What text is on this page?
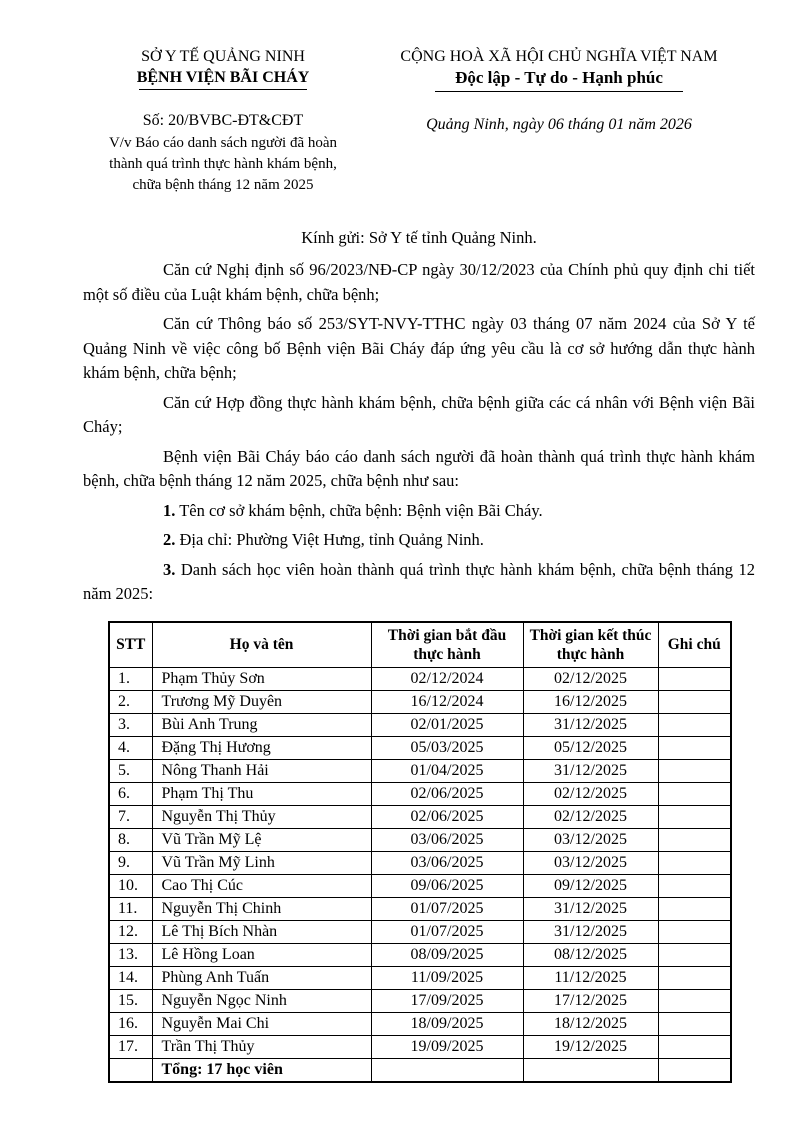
SỞ Y TẾ QUẢNG NINH
BỆNH VIỆN BÃI CHÁY
Số: 20/BVBC-ĐT&CĐT
V/v Báo cáo danh sách người đã hoàn
thành quá trình thực hành khám bệnh,
chữa bệnh tháng 12 năm 2025
CỘNG HOÀ XÃ HỘI CHỦ NGHĨA VIỆT NAM
Độc lập - Tự do - Hạnh phúc
Quảng Ninh, ngày 06 tháng 01 năm 2026
Kính gửi: Sở Y tế tỉnh Quảng Ninh.

Căn cứ Nghị định số 96/2023/NĐ-CP ngày 30/12/2023 của Chính phủ quy định chi tiết một số điều của Luật khám bệnh, chữa bệnh;

Căn cứ Thông báo số 253/SYT-NVY-TTHC ngày 03 tháng 07 năm 2024 của Sở Y tế Quảng Ninh về việc công bố Bệnh viện Bãi Cháy đáp ứng yêu cầu là cơ sở hướng dẫn thực hành khám bệnh, chữa bệnh;

Căn cứ Hợp đồng thực hành khám bệnh, chữa bệnh giữa các cá nhân với Bệnh viện Bãi Cháy;

Bệnh viện Bãi Cháy báo cáo danh sách người đã hoàn thành quá trình thực hành khám bệnh, chữa bệnh tháng 12 năm 2025, chữa bệnh như sau:

1. Tên cơ sở khám bệnh, chữa bệnh: Bệnh viện Bãi Cháy.

2. Địa chỉ: Phường Việt Hưng, tỉnh Quảng Ninh.

3. Danh sách học viên hoàn thành quá trình thực hành khám bệnh, chữa bệnh tháng 12 năm 2025:

STT	Họ và tên	Thời gian bắt đầu thực hành	Thời gian kết thúc thực hành	Ghi chú
1.	Phạm Thủy Sơn	02/12/2024	02/12/2025	
2.	Trương Mỹ Duyên	16/12/2024	16/12/2025	
3.	Bùi Anh Trung	02/01/2025	31/12/2025	
4.	Đặng Thị Hương	05/03/2025	05/12/2025	
5.	Nông Thanh Hải	01/04/2025	31/12/2025	
6.	Phạm Thị Thu	02/06/2025	02/12/2025	
7.	Nguyễn Thị Thủy	02/06/2025	02/12/2025	
8.	Vũ Trần Mỹ Lệ	03/06/2025	03/12/2025	
9.	Vũ Trần Mỹ Linh	03/06/2025	03/12/2025	
10.	Cao Thị Cúc	09/06/2025	09/12/2025	
11.	Nguyễn Thị Chinh	01/07/2025	31/12/2025	
12.	Lê Thị Bích Nhàn	01/07/2025	31/12/2025	
13.	Lê Hồng Loan	08/09/2025	08/12/2025	
14.	Phùng Anh Tuấn	11/09/2025	11/12/2025	
15.	Nguyễn Ngọc Ninh	17/09/2025	17/12/2025	
16.	Nguyễn Mai Chi	18/09/2025	18/12/2025	
17.	Trần Thị Thủy	19/09/2025	19/12/2025	
	Tổng: 17 học viên			
